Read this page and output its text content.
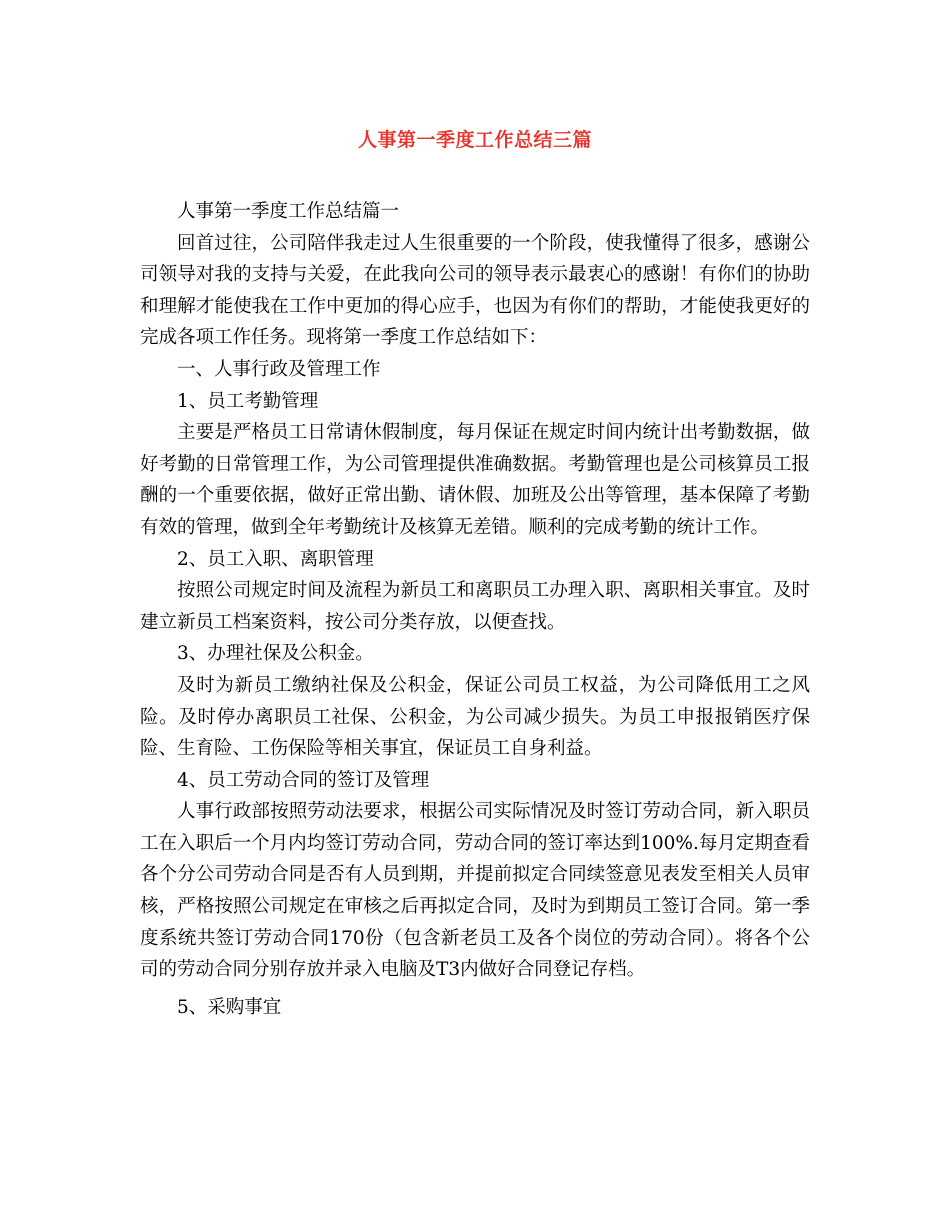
人事第一季度工作总结三篇

人事第一季度工作总结篇一

回首过往，公司陪伴我走过人生很重要的一个阶段，使我懂得了很多，感谢公司领导对我的支持与关爱，在此我向公司的领导表示最衷心的感谢！有你们的协助和理解才能使我在工作中更加的得心应手，也因为有你们的帮助，才能使我更好的完成各项工作任务。现将第一季度工作总结如下：

一、人事行政及管理工作

1、员工考勤管理

主要是严格员工日常请休假制度，每月保证在规定时间内统计出考勤数据，做好考勤的日常管理工作，为公司管理提供准确数据。考勤管理也是公司核算员工报酬的一个重要依据，做好正常出勤、请休假、加班及公出等管理，基本保障了考勤有效的管理，做到全年考勤统计及核算无差错。顺利的完成考勤的统计工作。

2、员工入职、离职管理

按照公司规定时间及流程为新员工和离职员工办理入职、离职相关事宜。及时建立新员工档案资料，按公司分类存放，以便查找。

3、办理社保及公积金。

及时为新员工缴纳社保及公积金，保证公司员工权益，为公司降低用工之风险。及时停办离职员工社保、公积金，为公司减少损失。为员工申报报销医疗保险、生育险、工伤保险等相关事宜，保证员工自身利益。

4、员工劳动合同的签订及管理

人事行政部按照劳动法要求，根据公司实际情况及时签订劳动合同，新入职员工在入职后一个月内均签订劳动合同，劳动合同的签订率达到100%.每月定期查看各个分公司劳动合同是否有人员到期，并提前拟定合同续签意见表发至相关人员审核，严格按照公司规定在审核之后再拟定合同，及时为到期员工签订合同。第一季度系统共签订劳动合同170份（包含新老员工及各个岗位的劳动合同）。将各个公司的劳动合同分别存放并录入电脑及T3内做好合同登记存档。

5、采购事宜
